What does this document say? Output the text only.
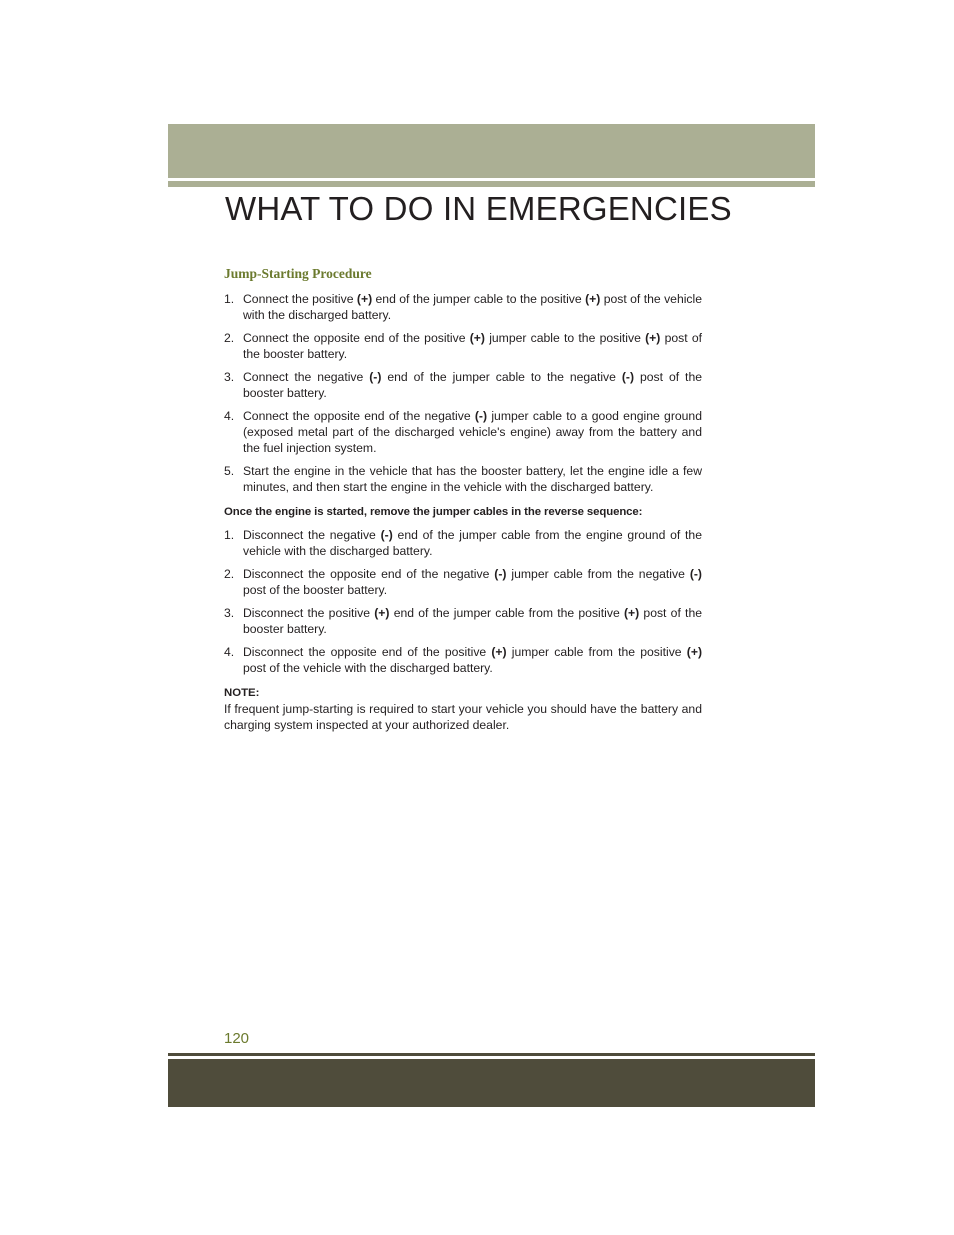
WHAT TO DO IN EMERGENCIES
Jump-Starting Procedure
1. Connect the positive (+) end of the jumper cable to the positive (+) post of the vehicle with the discharged battery.
2. Connect the opposite end of the positive (+) jumper cable to the positive (+) post of the booster battery.
3. Connect the negative (-) end of the jumper cable to the negative (-) post of the booster battery.
4. Connect the opposite end of the negative (-) jumper cable to a good engine ground (exposed metal part of the discharged vehicle's engine) away from the battery and the fuel injection system.
5. Start the engine in the vehicle that has the booster battery, let the engine idle a few minutes, and then start the engine in the vehicle with the discharged battery.
Once the engine is started, remove the jumper cables in the reverse sequence:
1. Disconnect the negative (-) end of the jumper cable from the engine ground of the vehicle with the discharged battery.
2. Disconnect the opposite end of the negative (-) jumper cable from the negative (-) post of the booster battery.
3. Disconnect the positive (+) end of the jumper cable from the positive (+) post of the booster battery.
4. Disconnect the opposite end of the positive (+) jumper cable from the positive (+) post of the vehicle with the discharged battery.
NOTE:
If frequent jump-starting is required to start your vehicle you should have the battery and charging system inspected at your authorized dealer.
120
